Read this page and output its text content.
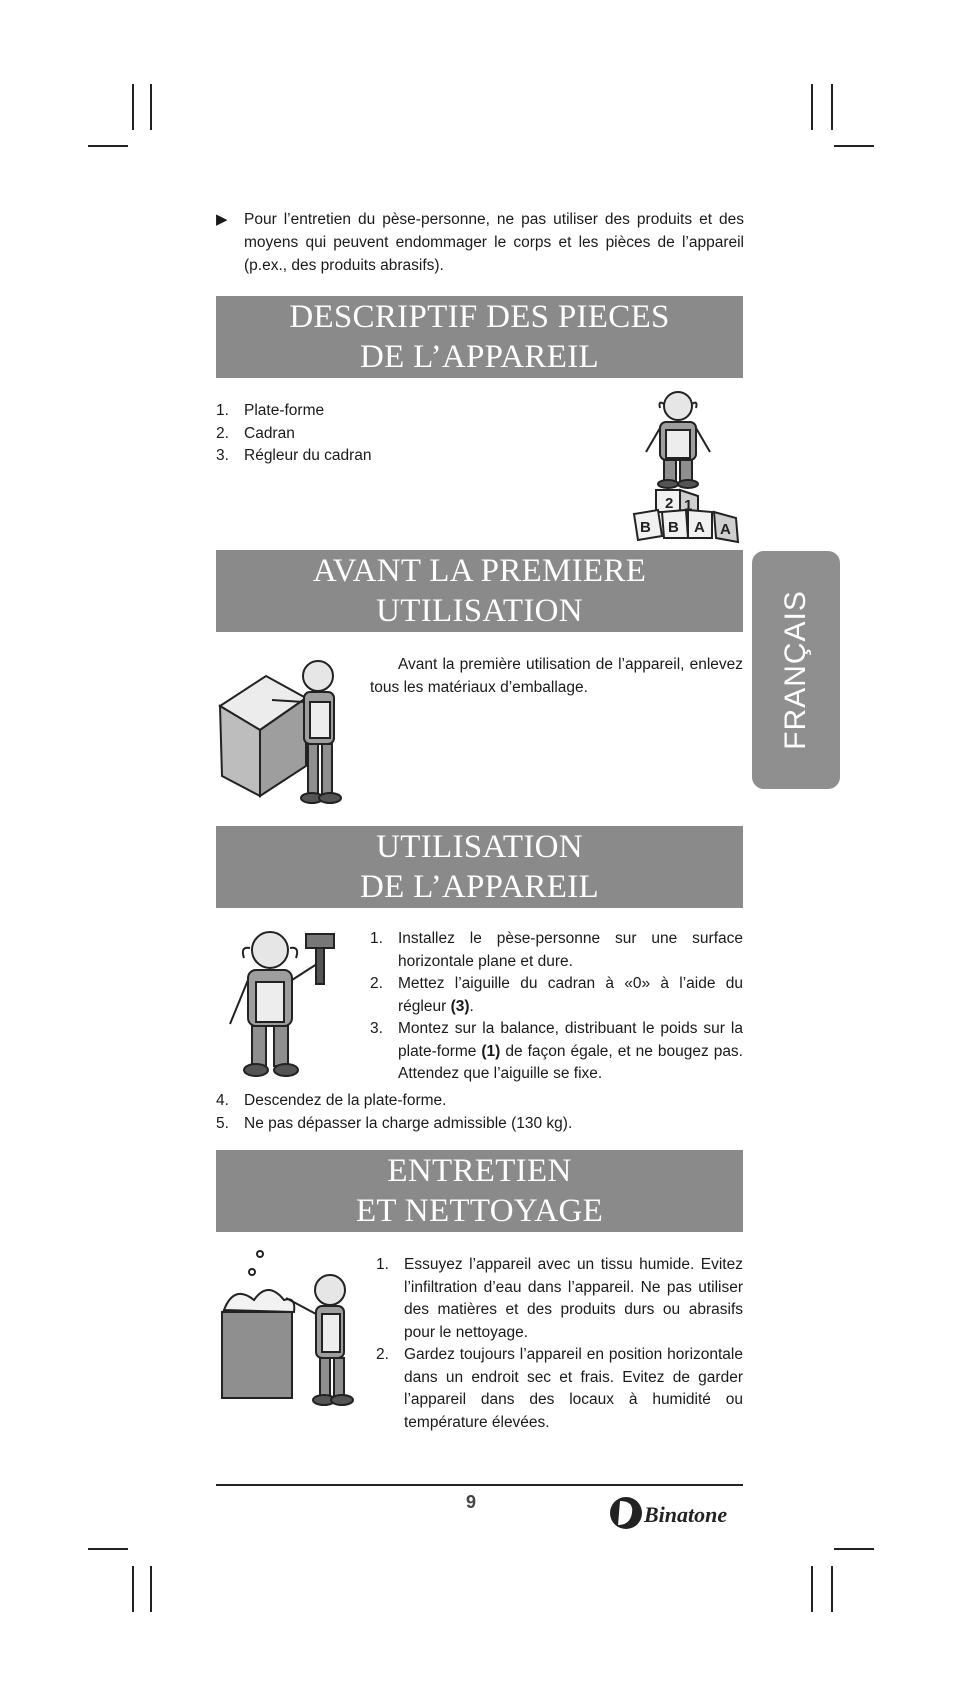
▶ Pour l’entretien du pèse-personne, ne pas utiliser des produits et des moyens qui peuvent endommager le corps et les pièces de l’appareil (p.ex., des produits abrasifs).

DESCRIPTIF DES PIECES
DE L’APPAREIL
1. Plate-forme
2. Cadran
3. Régleur du cadran
2 1
B B A A
AVANT LA PREMIERE
UTILISATION

Avant la première utilisation de l’appareil, enlevez tous les matériaux d’emballage.	FRANÇAIS
UTILISATION
DE L’APPAREIL
1. Installez le pèse-personne sur une surface horizontale plane et dure.
2. Mettez l’aiguille du cadran à «0» à l’aide du régleur (3).
3. Montez sur la balance, distribuant le poids sur la plate-forme (1) de façon égale, et ne bougez pas. Attendez que l’aiguille se fixe.
4. Descendez de la plate-forme.
5. Ne pas dépasser la charge admissible (130 kg).
ENTRETIEN
ET NETTOYAGE
1. Essuyez l’appareil avec un tissu humide. Evitez l’infiltration d’eau dans l’appareil. Ne pas utiliser des matières et des produits durs ou abrasifs pour le nettoyage.
2. Gardez toujours l’appareil en position horizontale dans un endroit sec et frais. Evitez de garder l’appareil dans des locaux à humidité ou température élevées.
9	Binatone
